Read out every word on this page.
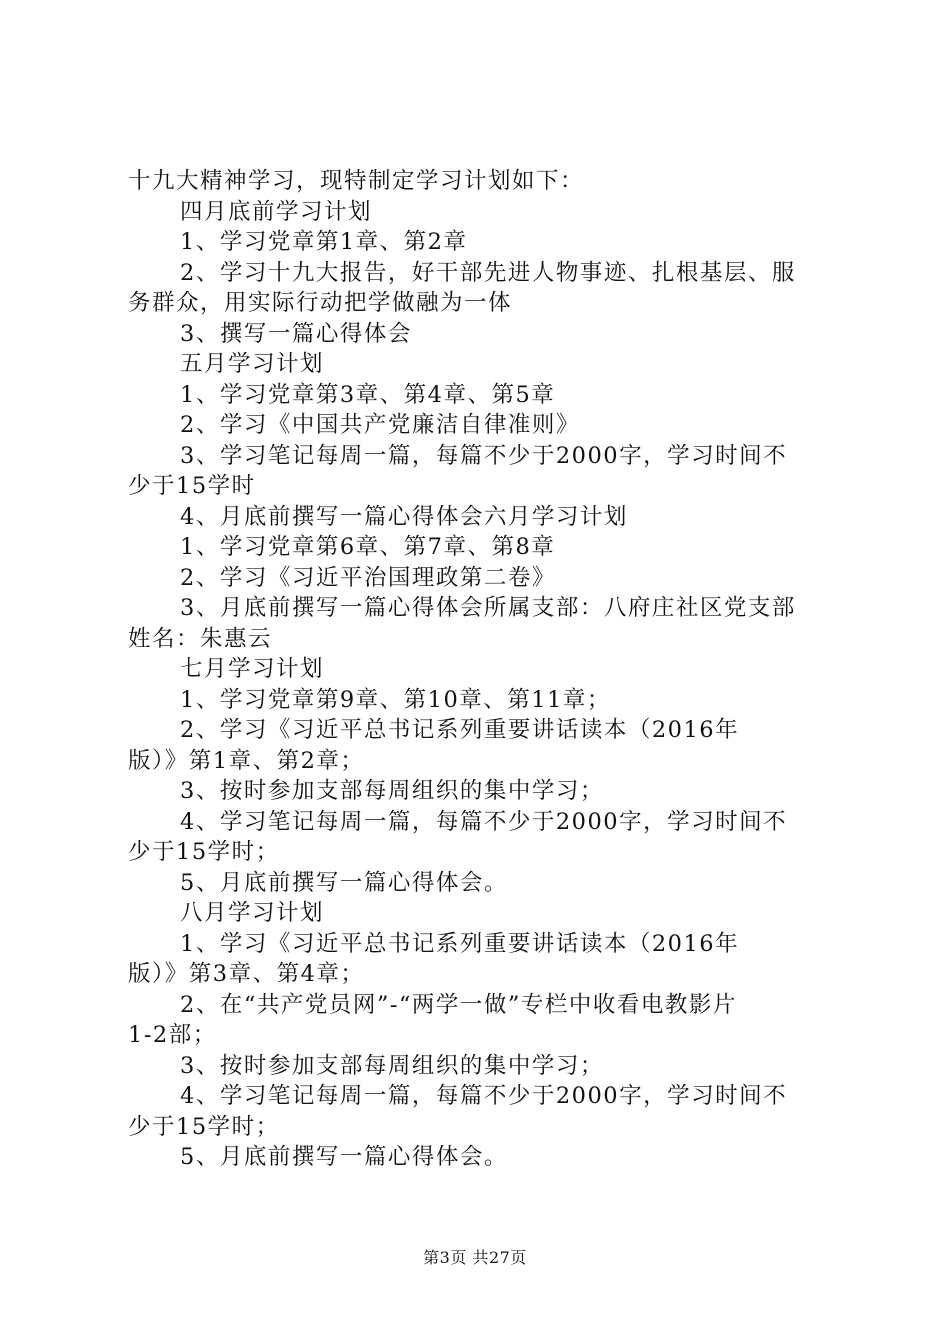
十九大精神学习，现特制定学习计划如下：

四月底前学习计划

1、学习党章第1章、第2章

2、学习十九大报告，好干部先进人物事迹、扎根基层、服

务群众，用实际行动把学做融为一体

3、撰写一篇心得体会

五月学习计划

1、学习党章第3章、第4章、第5章

2、学习《中国共产党廉洁自律准则》

3、学习笔记每周一篇，每篇不少于2000字，学习时间不

少于15学时

4、月底前撰写一篇心得体会六月学习计划

1、学习党章第6章、第7章、第8章

2、学习《习近平治国理政第二卷》

3、月底前撰写一篇心得体会所属支部：八府庄社区党支部

姓名：朱惠云

七月学习计划

1、学习党章第9章、第10章、第11章；

2、学习《习近平总书记系列重要讲话读本（2016年

版）》第1章、第2章；

3、按时参加支部每周组织的集中学习；

4、学习笔记每周一篇，每篇不少于2000字，学习时间不

少于15学时；

5、月底前撰写一篇心得体会。

八月学习计划

1、学习《习近平总书记系列重要讲话读本（2016年

版）》第3章、第4章；

2、在“共产党员网”-“两学一做”专栏中收看电教影片

1-2部；

3、按时参加支部每周组织的集中学习；

4、学习笔记每周一篇，每篇不少于2000字，学习时间不

少于15学时；

5、月底前撰写一篇心得体会。

第3页 共27页
